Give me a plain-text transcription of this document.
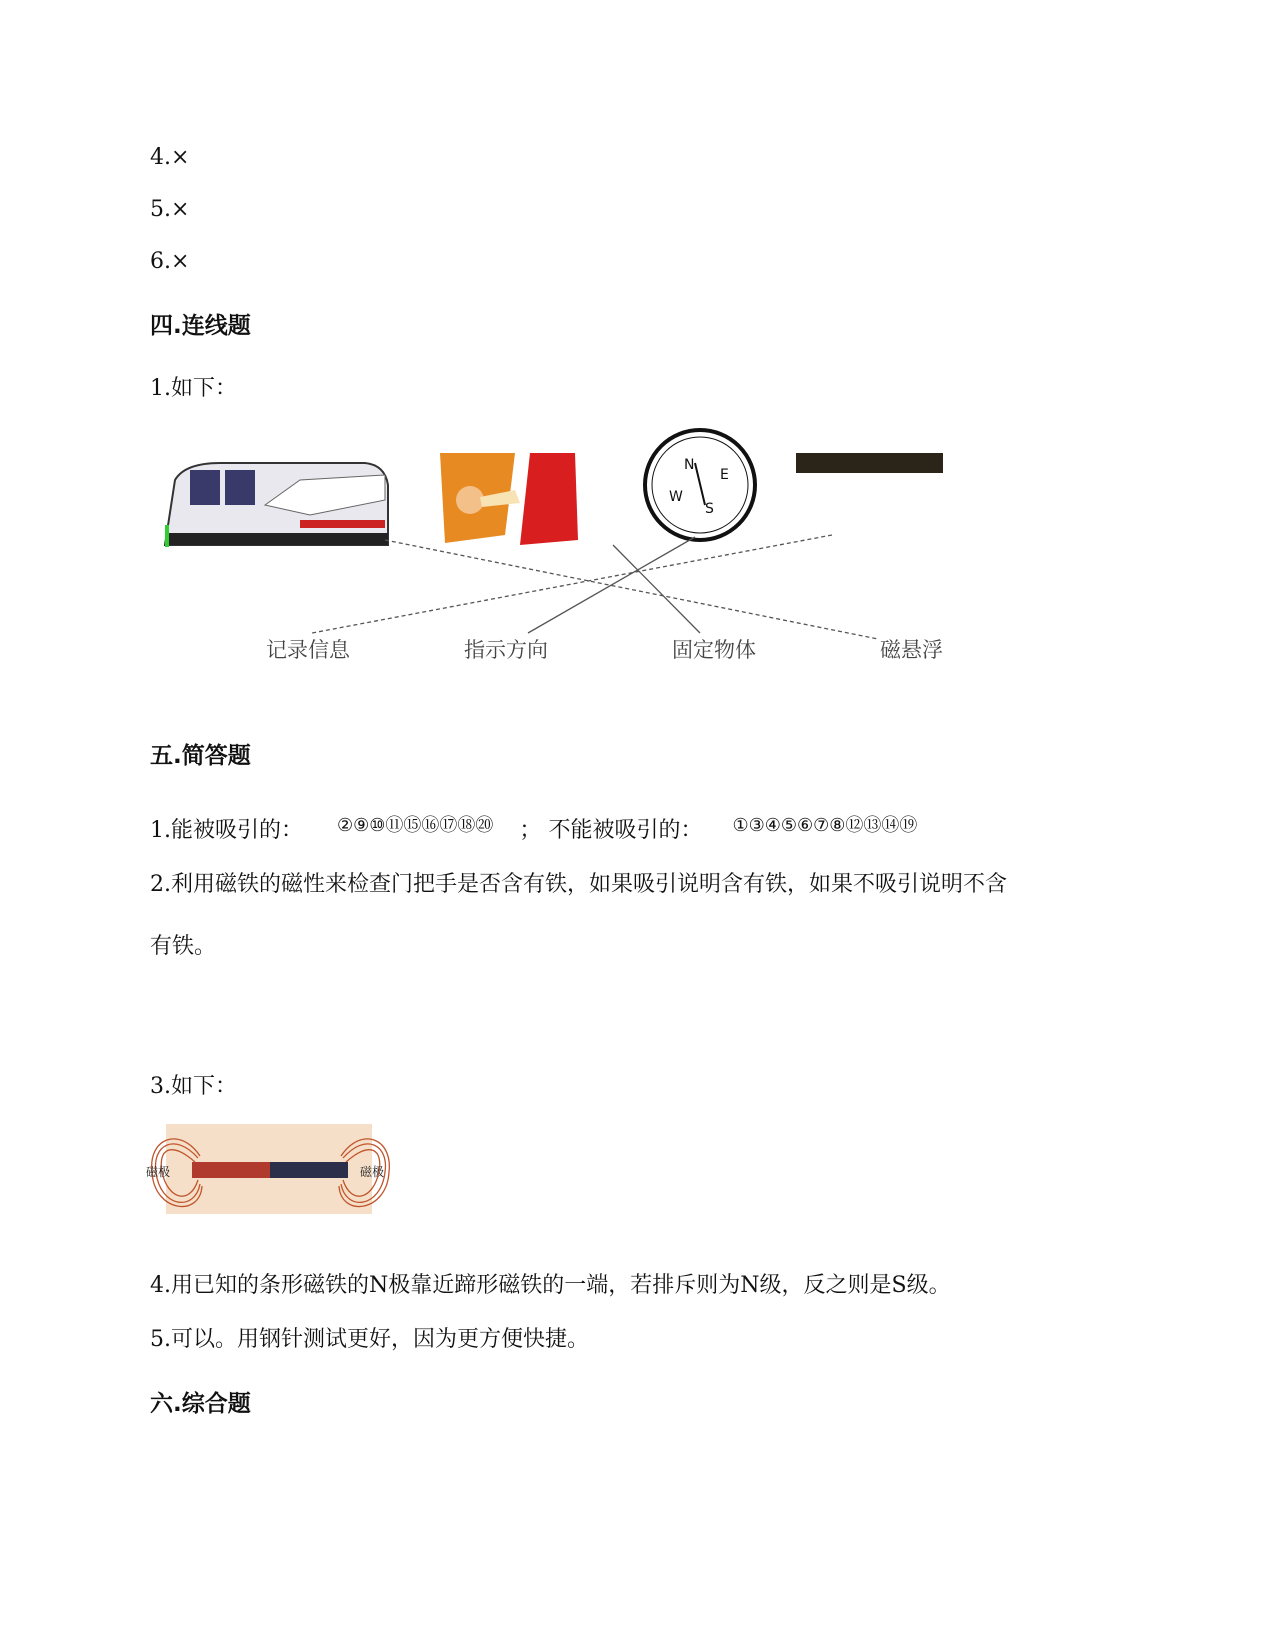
4.×
5.×
6.×
四.连线题
1.如下：
N
E
W
S
记录信息	指示方向	固定物体	磁悬浮
五.简答题
1.能被吸引的： ②⑨⑩⑪⑮⑯⑰⑱⑳ ； 不能被吸引的： ①③④⑤⑥⑦⑧⑫⑬⑭⑲
2.利用磁铁的磁性来检查门把手是否含有铁，如果吸引说明含有铁，如果不吸引说明不含
有铁。
3.如下：
磁极	磁极
4.用已知的条形磁铁的N极靠近蹄形磁铁的一端，若排斥则为N级，反之则是S级。
5.可以。用钢针测试更好，因为更方便快捷。
六.综合题
